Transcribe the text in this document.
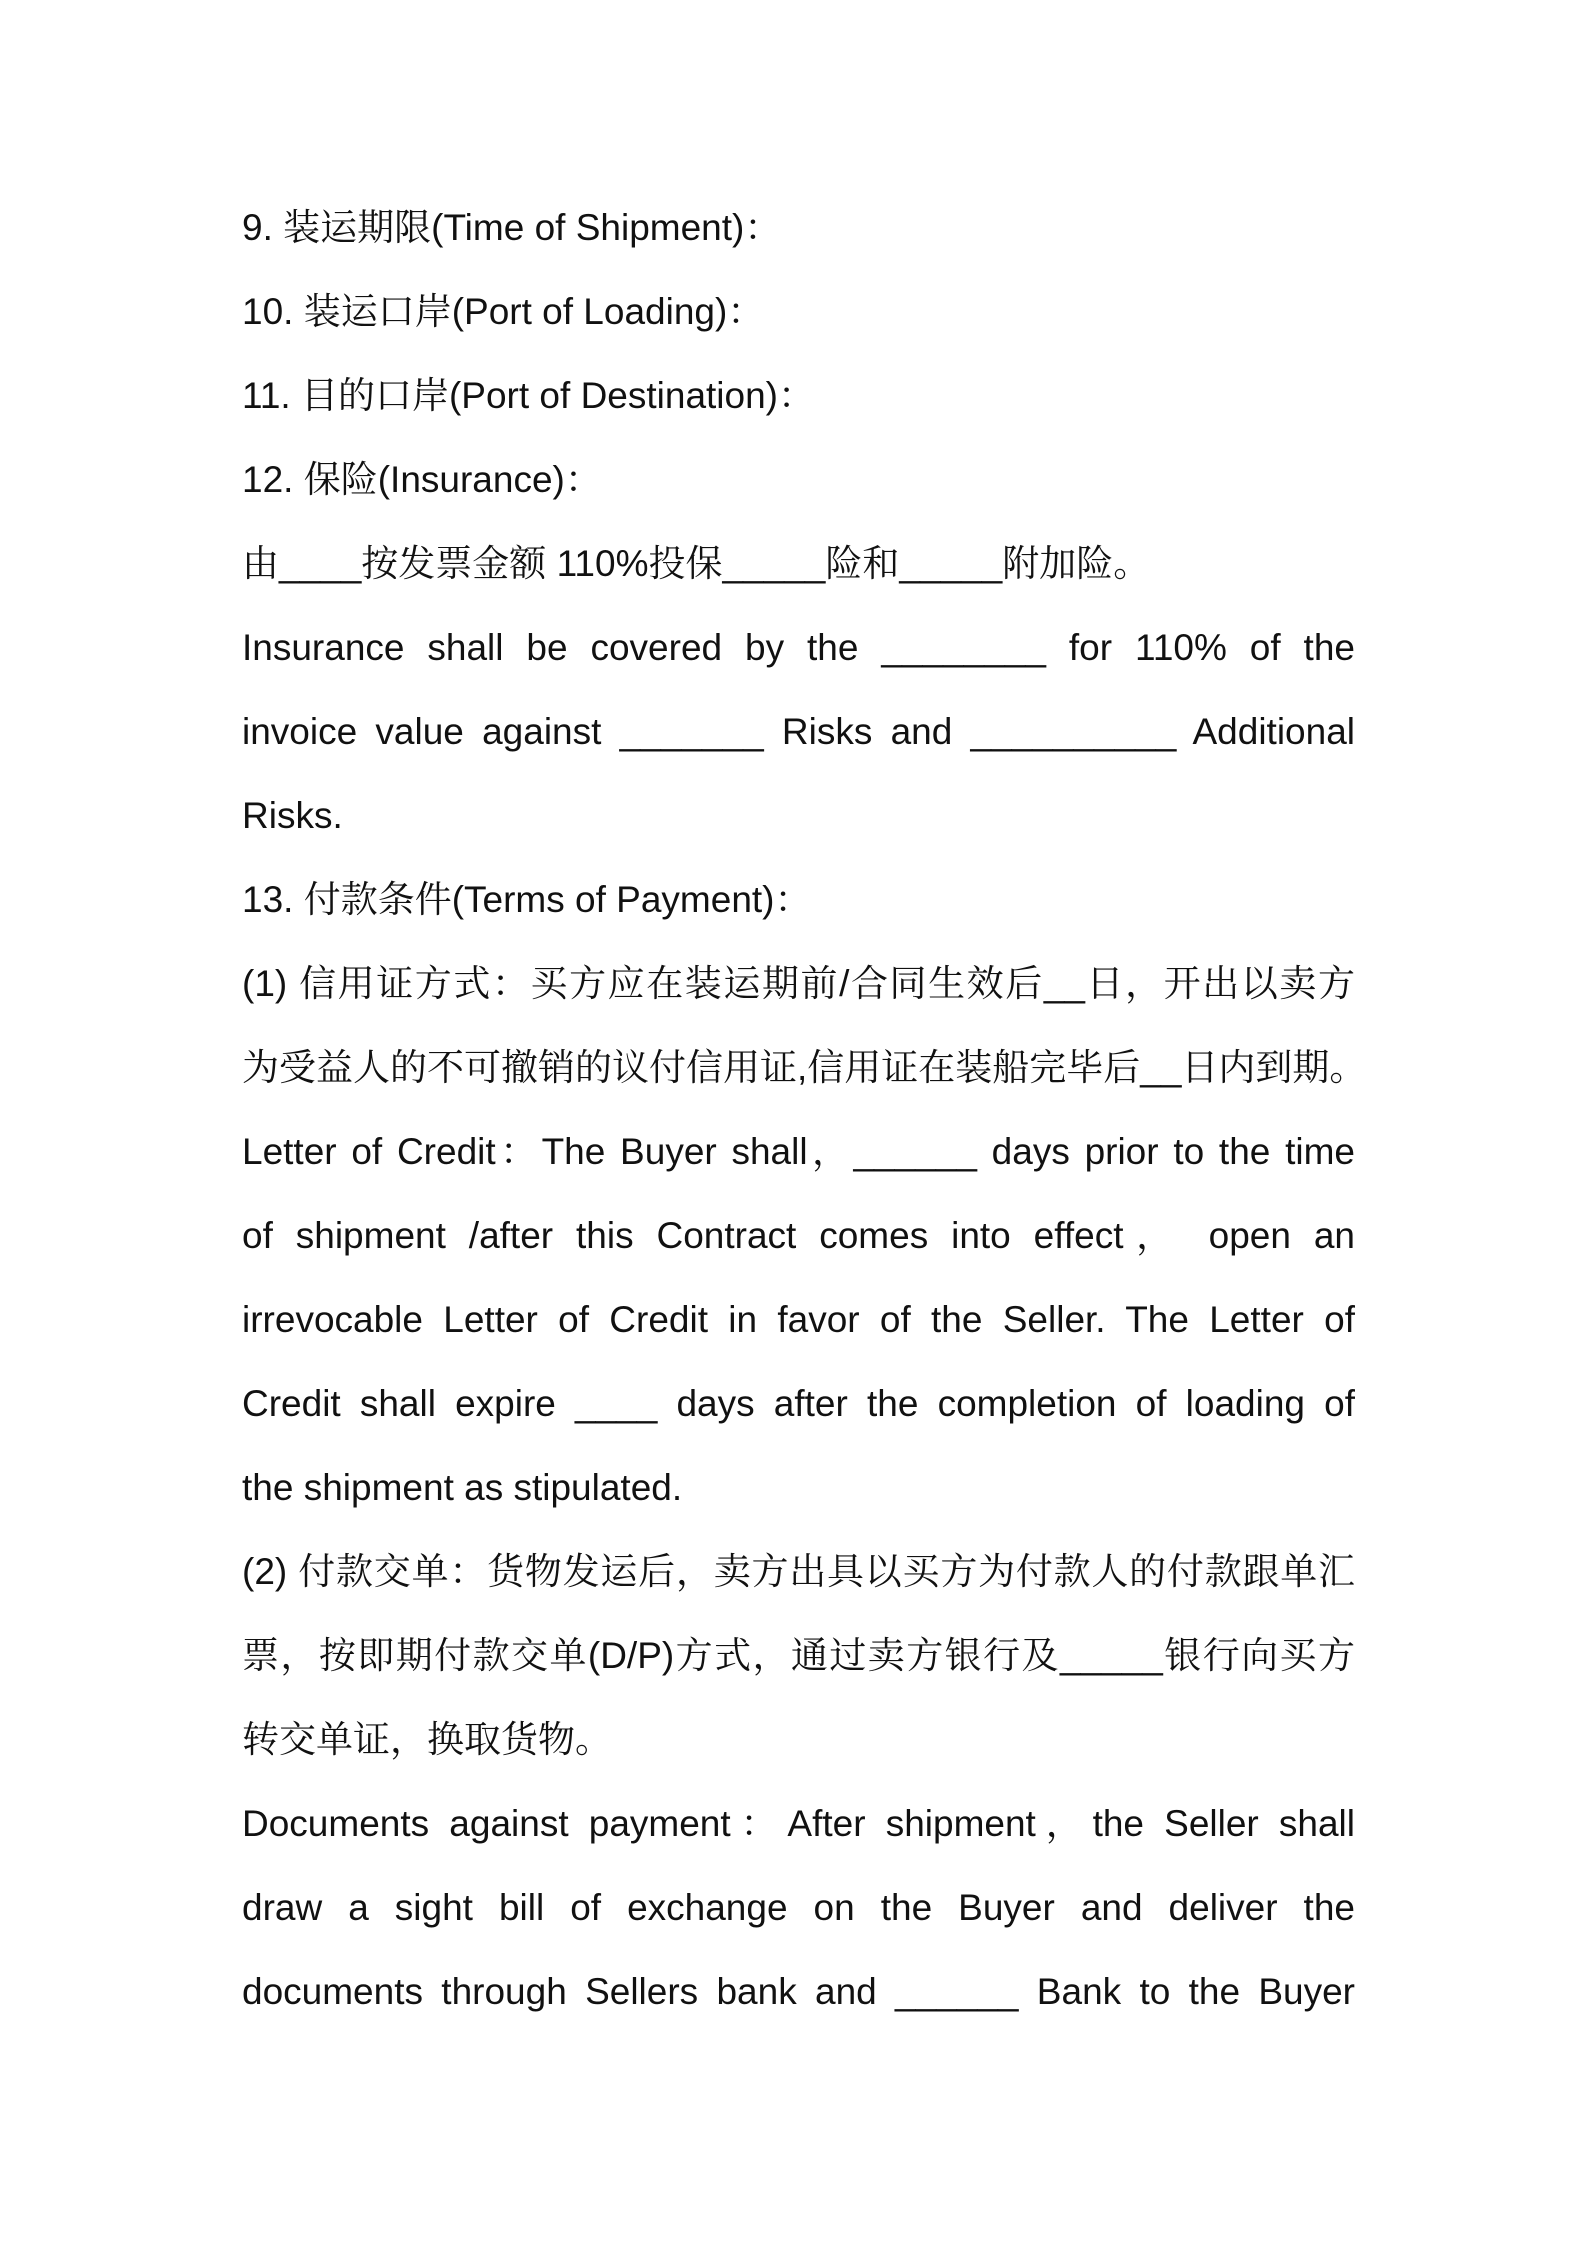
9. 装运期限(Time of Shipment)：
10. 装运口岸(Port of Loading)：
11. 目的口岸(Port of Destination)：
12. 保险(Insurance)：
由____按发票金额 110%投保_____险和_____附加险。
Insurance shall be covered by the ________ for 110% of the
invoice value against _______ Risks and __________ Additional
Risks.
13. 付款条件(Terms of Payment)：
(1) 信用证方式：买方应在装运期前/合同生效后__日，开出以卖方
为受益人的不可撤销的议付信用证,信用证在装船完毕后__日内到期。
Letter of Credit：The Buyer shall，______ days prior to the time
of shipment /after this Contract comes into effect， open an
irrevocable Letter of Credit in favor of the Seller. The Letter of
Credit shall expire ____ days after the completion of loading of
the shipment as stipulated.
(2) 付款交单：货物发运后，卖方出具以买方为付款人的付款跟单汇
票，按即期付款交单(D/P)方式，通过卖方银行及_____银行向买方
转交单证，换取货物。
Documents against payment：After shipment，the Seller shall
draw a sight bill of exchange on the Buyer and deliver the
documents through Sellers bank and ______ Bank to the Buyer
